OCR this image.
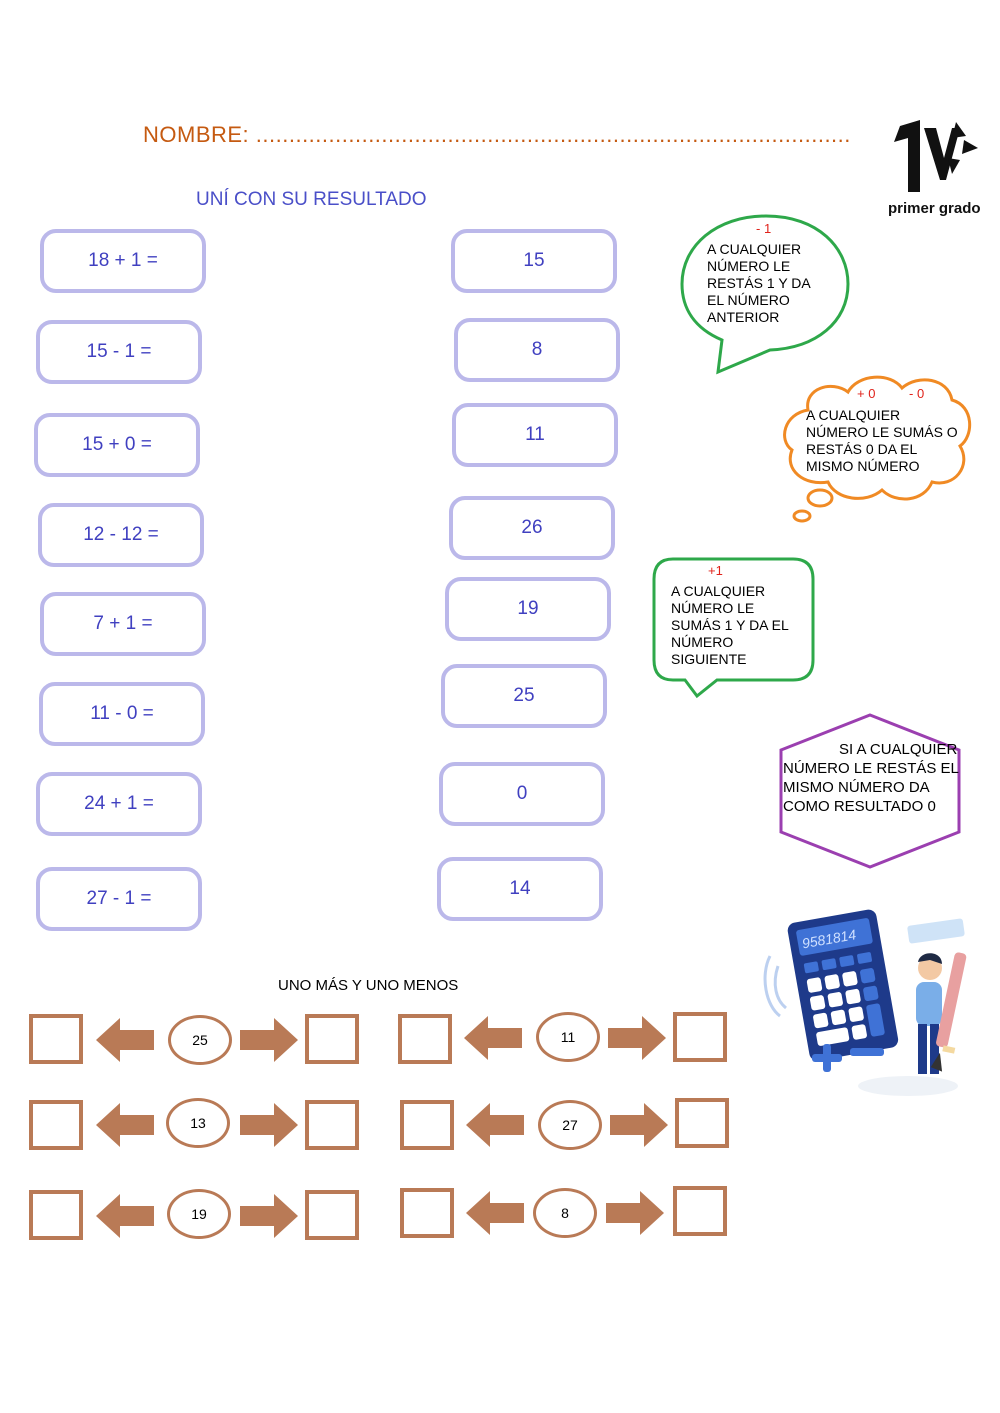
NOMBRE: ..........................................................................................
primer grado
UNÍ CON SU RESULTADO
18 + 1 =
15 - 1 =
15 + 0 =
12 - 12 =
7 + 1 =
11 - 0 =
24 + 1 =
27 - 1 =
15
8
11
26
19
25
0
14
- 1
A CUALQUIER NÚMERO LE RESTÁS 1 Y DA EL NÚMERO ANTERIOR
+ 0	- 0
A CUALQUIER NÚMERO LE SUMÁS O RESTÁS 0 DA EL MISMO NÚMERO
+1
A CUALQUIER NÚMERO LE SUMÁS 1 Y DA EL NÚMERO SIGUIENTE
SI A CUALQUIER NÚMERO LE RESTÁS EL MISMO NÚMERO DA COMO RESULTADO 0
9581814
UNO MÁS Y UNO MENOS
25	11
13	27
19	8
